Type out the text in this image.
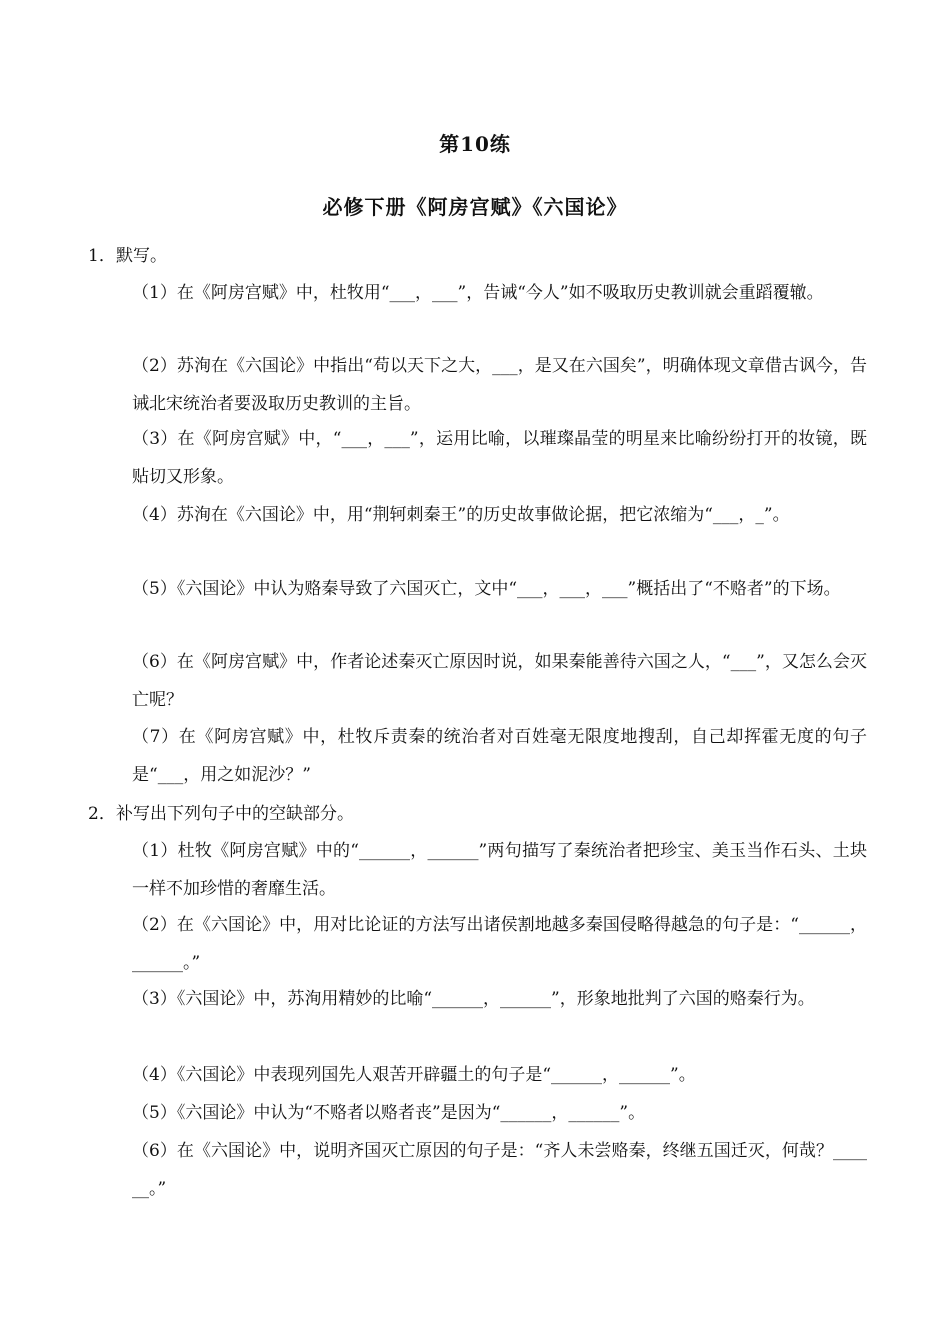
第10练
必修下册《阿房宫赋》《六国论》
1．默写。
（1）在《阿房宫赋》中，杜牧用“___，___”，告诫“今人”如不吸取历史教训就会重蹈覆辙。
（2）苏洵在《六国论》中指出“苟以天下之大，___，是又在六国矣”，明确体现文章借古讽今，告诫北宋统治者要汲取历史教训的主旨。
（3）在《阿房宫赋》中，“___，___”，运用比喻，以璀璨晶莹的明星来比喻纷纷打开的妆镜，既贴切又形象。
（4）苏洵在《六国论》中，用“荆轲刺秦王”的历史故事做论据，把它浓缩为“___，_”。
（5）《六国论》中认为赂秦导致了六国灭亡，文中“___，___，___”概括出了“不赂者”的下场。
（6）在《阿房宫赋》中，作者论述秦灭亡原因时说，如果秦能善待六国之人，“___”，又怎么会灭亡呢？
（7）在《阿房宫赋》中，杜牧斥责秦的统治者对百姓毫无限度地搜刮，自己却挥霍无度的句子是“___，用之如泥沙？”
2．补写出下列句子中的空缺部分。
（1）杜牧《阿房宫赋》中的“______，______”两句描写了秦统治者把珍宝、美玉当作石头、土块一样不加珍惜的奢靡生活。
（2）在《六国论》中，用对比论证的方法写出诸侯割地越多秦国侵略得越急的句子是：“______，______。”
（3）《六国论》中，苏洵用精妙的比喻“______，______”，形象地批判了六国的赂秦行为。
（4）《六国论》中表现列国先人艰苦开辟疆土的句子是“______，______”。
（5）《六国论》中认为“不赂者以赂者丧”是因为“______，______”。
（6）在《六国论》中，说明齐国灭亡原因的句子是：“齐人未尝赂秦，终继五国迁灭，何哉？______。”
